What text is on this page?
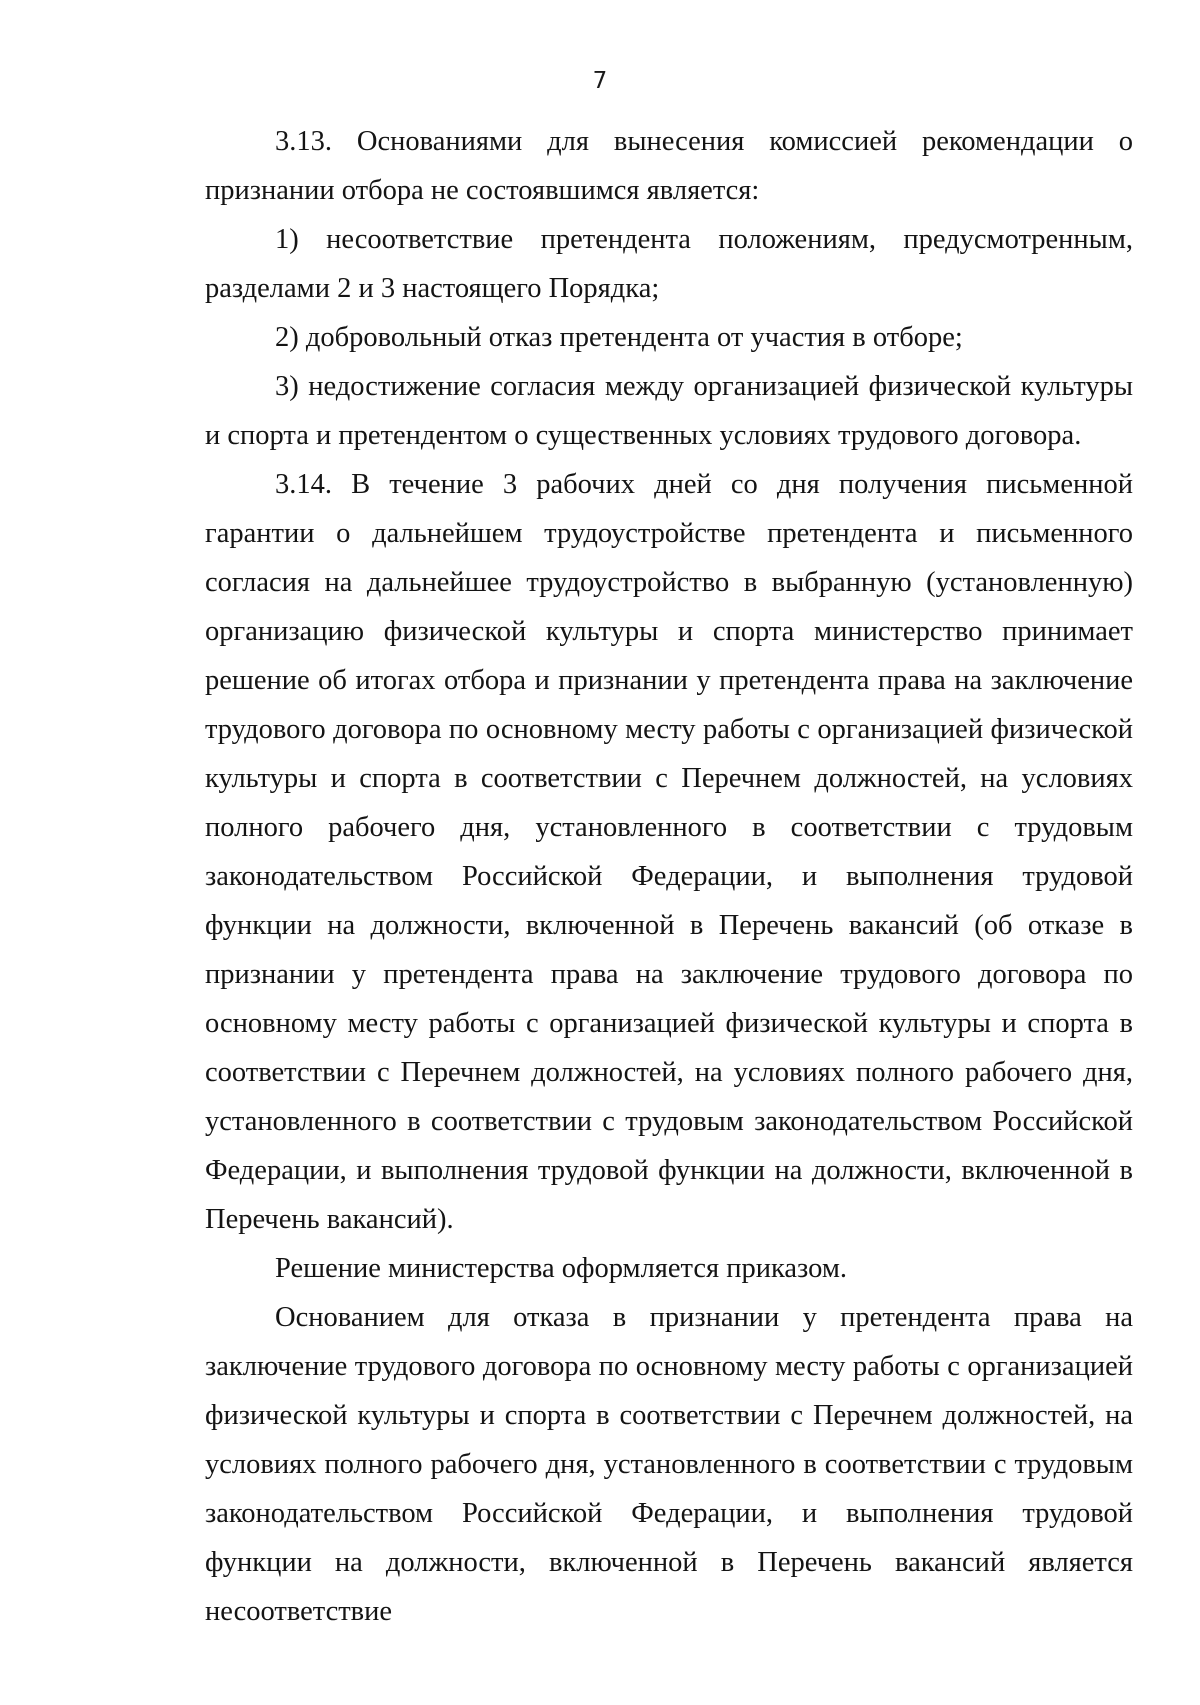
7

3.13. Основаниями для вынесения комиссией рекомендации о признании отбора не состоявшимся является:

1) несоответствие претендента положениям, предусмотренным, разделами 2 и 3 настоящего Порядка;

2) добровольный отказ претендента от участия в отборе;

3) недостижение согласия между организацией физической культуры и спорта и претендентом о существенных условиях трудового договора.

3.14. В течение 3 рабочих дней со дня получения письменной гарантии о дальнейшем трудоустройстве претендента и письменного согласия на дальнейшее трудоустройство в выбранную (установленную) организацию физической культуры и спорта министерство принимает решение об итогах отбора и признании у претендента права на заключение трудового договора по основному месту работы с организацией физической культуры и спорта в соответствии с Перечнем должностей, на условиях полного рабочего дня, установленного в соответствии с трудовым законодательством Российской Федерации, и выполнения трудовой функции на должности, включенной в Перечень вакансий (об отказе в признании у претендента права на заключение трудового договора по основному месту работы с организацией физической культуры и спорта в соответствии с Перечнем должностей, на условиях полного рабочего дня, установленного в соответствии с трудовым законодательством Российской Федерации, и выполнения трудовой функции на должности, включенной в Перечень вакансий).

Решение министерства оформляется приказом.

Основанием для отказа в признании у претендента права на заключение трудового договора по основному месту работы с организацией физической культуры и спорта в соответствии с Перечнем должностей, на условиях полного рабочего дня, установленного в соответствии с трудовым законодательством Российской Федерации, и выполнения трудовой функции на должности, включенной в Перечень вакансий является несоответствие
